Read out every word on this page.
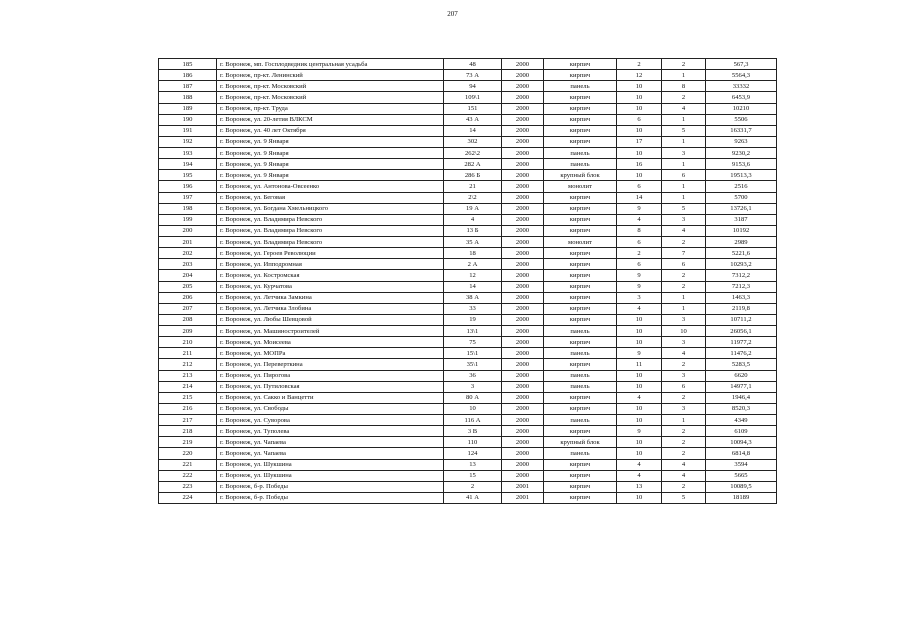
207
185	г. Воронеж, мп. Госплодведник центральная усадьба	48	2000	кирпич	2	2	567,3
186	г. Воронеж, пр-кт. Ленинский	73 А	2000	кирпич	12	1	5564,3
187	г. Воронеж, пр-кт. Московский	94	2000	панель	10	8	33332
188	г. Воронеж, пр-кт. Московский	109\1	2000	кирпич	10	2	6453,9
189	г. Воронеж, пр-кт. Труда	151	2000	кирпич	10	4	10210
190	г. Воронеж, ул. 20-летия ВЛКСМ	43 А	2000	кирпич	6	1	5506
191	г. Воронеж, ул. 40 лет Октября	14	2000	кирпич	10	5	16331,7
192	г. Воронеж, ул. 9 Января	302	2000	кирпич	17	1	9263
193	г. Воронеж, ул. 9 Января	262\2	2000	панель	10	3	9230,2
194	г. Воронеж, ул. 9 Января	282 А	2000	панель	16	1	9153,6
195	г. Воронеж, ул. 9 Января	286 Б	2000	крупный блок	10	6	19513,3
196	г. Воронеж, ул. Антонова-Овсеенко	21	2000	монолит	6	1	2516
197	г. Воронеж, ул. Беговая	2\2	2000	кирпич	14	1	5700
198	г. Воронеж, ул. Богдана Хмельницкого	19 А	2000	кирпич	9	5	13726,1
199	г. Воронеж, ул. Владимира Невского	4	2000	кирпич	4	3	3187
200	г. Воронеж, ул. Владимира Невского	13 Б	2000	кирпич	8	4	10192
201	г. Воронеж, ул. Владимира Невского	35 А	2000	монолит	6	2	2989
202	г. Воронеж, ул. Героев Революции	18	2000	кирпич	2	7	5221,6
203	г. Воронеж, ул. Ипподромная	2 А	2000	кирпич	6	6	10293,2
204	г. Воронеж, ул. Костромская	12	2000	кирпич	9	2	7312,2
205	г. Воронеж, ул. Курчатова	14	2000	кирпич	9	2	7212,3
206	г. Воронеж, ул. Летчика Замкина	38 А	2000	кирпич	3	1	1463,3
207	г. Воронеж, ул. Летчика Злобина	33	2000	кирпич	4	1	2119,8
208	г. Воронеж, ул. Любы Шевцовой	19	2000	кирпич	10	3	10711,2
209	г. Воронеж, ул. Машиностроителей	13\1	2000	панель	10	10	26056,1
210	г. Воронеж, ул. Моисеева	75	2000	кирпич	10	3	11977,2
211	г. Воронеж, ул. МОПРа	15\1	2000	панель	9	4	11476,2
212	г. Воронеж, ул. Переверткина	35\1	2000	кирпич	11	2	5283,5
213	г. Воронеж, ул. Пирогова	36	2000	панель	10	3	6620
214	г. Воронеж, ул. Путиловская	3	2000	панель	10	6	14977,1
215	г. Воронеж, ул. Сакко и Ванцетти	80 А	2000	кирпич	4	2	1946,4
216	г. Воронеж, ул. Свободы	10	2000	кирпич	10	3	8520,3
217	г. Воронеж, ул. Суворова	116 А	2000	панель	10	1	4349
218	г. Воронеж, ул. Туполева	3 В	2000	кирпич	9	2	6109
219	г. Воронеж, ул. Чапаева	110	2000	крупный блок	10	2	10094,3
220	г. Воронеж, ул. Чапаева	124	2000	панель	10	2	6814,8
221	г. Воронеж, ул. Шукшина	13	2000	кирпич	4	4	3594
222	г. Воронеж, ул. Шукшина	15	2000	кирпич	4	4	5665
223	г. Воронеж, б-р. Победы	2	2001	кирпич	13	2	10089,5
224	г. Воронеж, б-р. Победы	41 А	2001	кирпич	10	5	18189
